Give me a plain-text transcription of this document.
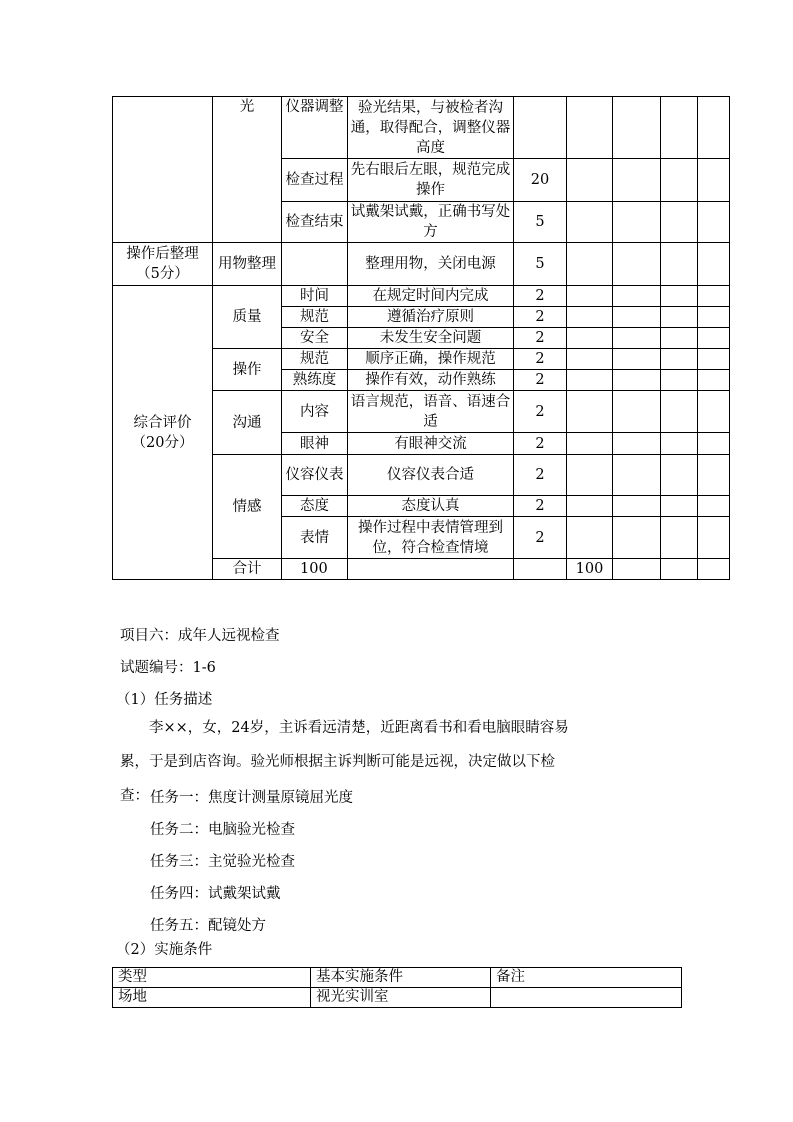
	光	仪器调整	验光结果，与被检者沟通，取得配合，调整仪器高度						
		检查过程	先右眼后左眼，规范完成操作	20					
		检查结束	试戴架试戴，正确书写处方	5					
操作后整理（5分）	用物整理		整理用物，关闭电源	5					
综合评价（20分）	质量	时间	在规定时间内完成	2					
		规范	遵循治疗原则	2					
		安全	未发生安全问题	2					
	操作	规范	顺序正确，操作规范	2					
		熟练度	操作有效，动作熟练	2					
	沟通	内容	语言规范，语音、语速合适	2					
		眼神	有眼神交流	2					
	情感	仪容仪表	仪容仪表合适	2					
		态度	态度认真	2					
		表情	操作过程中表情管理到位，符合检查情境	2					
	合计	100			100				
项目六：成年人远视检查
试题编号：1-6
（1）任务描述
李××，女，24岁，主诉看远清楚，近距离看书和看电脑眼睛容易累，于是到店咨询。验光师根据主诉判断可能是远视，决定做以下检查： 任务一：焦度计测量原镜屈光度
任务二：电脑验光检查
任务三：主觉验光检查
任务四：试戴架试戴
任务五：配镜处方
（2）实施条件
类型	基本实施条件	备注
场地	视光实训室	
